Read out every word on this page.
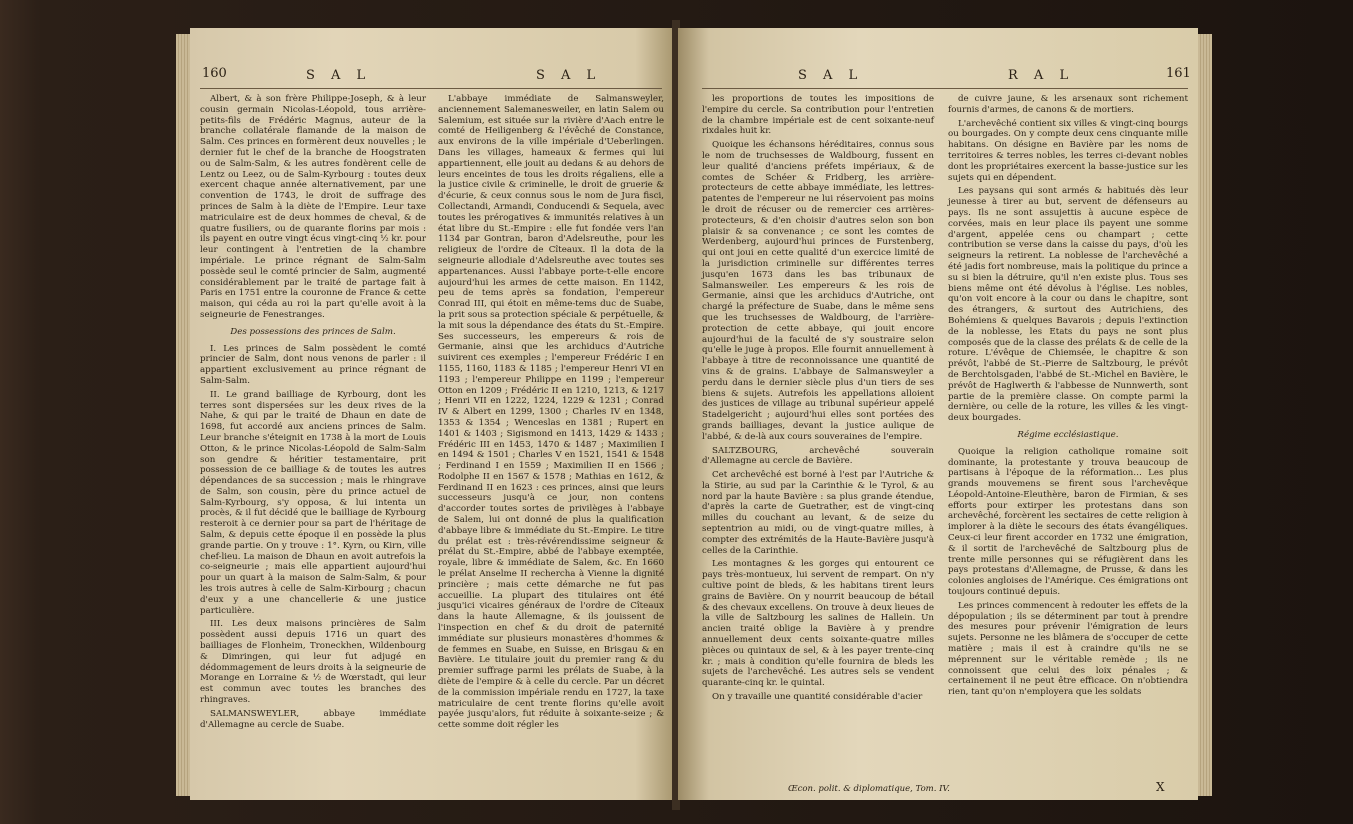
160	S A L	S A L

Albert, & à son frère Philippe-Joseph, & à leur cousin germain Nicolas-Léopold, tous arrière-petits-fils de Frédéric Magnus, auteur de la branche collatérale flamande de la maison de Salm. Ces princes en formèrent deux nouvelles ; le dernier fut le chef de la branche de Hoogstraten ou de Salm-Salm, & les autres fondèrent celle de Lentz ou Leez, ou de Salm-Kyrbourg : toutes deux exercent chaque année alternativement, par une convention de 1743, le droit de suffrage des princes de Salm à la diète de l'Empire. Leur taxe matriculaire est de deux hommes de cheval, & de quatre fusiliers, ou de quarante florins par mois : ils payent en outre vingt écus vingt-cinq ½ kr. pour leur contingent à l'entretien de la chambre impériale. Le prince régnant de Salm-Salm possède seul le comté princier de Salm, augmenté considérablement par le traité de partage fait à Paris en 1751 entre la couronne de France & cette maison, qui céda au roi la part qu'elle avoit à la seigneurie de Fenestranges.

Des possessions des princes de Salm.

I. Les princes de Salm possèdent le comté princier de Salm, dont nous venons de parler : il appartient exclusivement au prince régnant de Salm-Salm.

II. Le grand bailliage de Kyrbourg, dont les terres sont dispersées sur les deux rives de la Nahe, & qui par le traité de Dhaun en date de 1698, fut accordé aux anciens princes de Salm. Leur branche s'éteignit en 1738 à la mort de Louis Otton, & le prince Nicolas-Léopold de Salm-Salm son gendre & héritier testamentaire, prit possession de ce bailliage & de toutes les autres dépendances de sa succession ; mais le rhingrave de Salm, son cousin, père du prince actuel de Salm-Kyrbourg, s'y opposa, & lui intenta un procès, & il fut décidé que le bailliage de Kyrbourg resteroit à ce dernier pour sa part de l'héritage de Salm, & depuis cette époque il en possède la plus grande partie. On y trouve : 1°. Kyrn, ou Kirn, ville chef-lieu. La maison de Dhaun en avoit autrefois la co-seigneurie ; mais elle appartient aujourd'hui pour un quart à la maison de Salm-Salm, & pour les trois autres à celle de Salm-Kirbourg ; chacun d'eux y a une chancellerie & une justice particulière.

III. Les deux maisons princières de Salm possèdent aussi depuis 1716 un quart des bailliages de Flonheim, Troneckhen, Wildenbourg & Dimringen, qui leur fut adjugé en dédommagement de leurs droits à la seigneurie de Morange en Lorraine & ½ de Wœrstadt, qui leur est commun avec toutes les branches des rhingraves.

SALMANSWEYLER, abbaye immédiate d'Allemagne au cercle de Suabe.

L'abbaye immédiate de Salmansweyler, anciennement Salemanesweiler, en latin Salem ou Salemium, est située sur la rivière d'Aach entre le comté de Heiligenberg & l'évêché de Constance, aux environs de la ville impériale d'Ueberlingen. Dans les villages, hameaux & fermes qui lui appartiennent, elle jouit au dedans & au dehors de leurs enceintes de tous les droits régaliens, elle a la justice civile & criminelle, le droit de gruerie & d'écurie, & ceux connus sous le nom de Jura fisci, Collectandi, Armandi, Conducendi & Sequela, avec toutes les prérogatives & immunités relatives à un état libre du St.-Empire : elle fut fondée vers l'an 1134 par Gontran, baron d'Adelsreuthe, pour les religieux de l'ordre de Cîteaux. Il la dota de la seigneurie allodiale d'Adelsreuthe avec toutes ses appartenances. Aussi l'abbaye porte-t-elle encore aujourd'hui les armes de cette maison. En 1142, peu de tems après sa fondation, l'empereur Conrad III, qui étoit en même-tems duc de Suabe, la prit sous sa protection spéciale & perpétuelle, & la mit sous la dépendance des états du St.-Empire. Ses successeurs, les empereurs & rois de Germanie, ainsi que les archiducs d'Autriche suivirent ces exemples ; l'empereur Frédéric I en 1155, 1160, 1183 & 1185 ; l'empereur Henri VI en 1193 ; l'empereur Philippe en 1199 ; l'empereur Otton en 1209 ; Frédéric II en 1210, 1213, & 1217 ; Henri VII en 1222, 1224, 1229 & 1231 ; Conrad IV & Albert en 1299, 1300 ; Charles IV en 1348, 1353 & 1354 ; Wenceslas en 1381 ; Rupert en 1401 & 1403 ; Sigismond en 1413, 1429 & 1433 ; Frédéric III en 1453, 1470 & 1487 ; Maximilien I en 1494 & 1501 ; Charles V en 1521, 1541 & 1548 ; Ferdinand I en 1559 ; Maximilien II en 1566 ; Rodolphe II en 1567 & 1578 ; Mathias en 1612, & Ferdinand II en 1623 : ces princes, ainsi que leurs successeurs jusqu'à ce jour, non contens d'accorder toutes sortes de privilèges à l'abbaye de Salem, lui ont donné de plus la qualification d'abbaye libre & immédiate du St.-Empire. Le titre du prélat est : très-révérendissime seigneur & prélat du St.-Empire, abbé de l'abbaye exemptée, royale, libre & immédiate de Salem, &c. En 1660 le prélat Anselme II rechercha à Vienne la dignité princière ; mais cette démarche ne fut pas accueillie. La plupart des titulaires ont été jusqu'ici vicaires généraux de l'ordre de Cîteaux dans la haute Allemagne, & ils jouissent de l'inspection en chef & du droit de paternité immédiate sur plusieurs monastères d'hommes & de femmes en Suabe, en Suisse, en Brisgau & en Bavière. Le titulaire jouit du premier rang & du premier suffrage parmi les prélats de Suabe, à la diète de l'empire & à celle du cercle. Par un décret de la commission impériale rendu en 1727, la taxe matriculaire de cent trente florins qu'elle avoit payée jusqu'alors, fut réduite à soixante-seize ; & cette somme doit régler les

S A L	R A L	161

les proportions de toutes les impositions de l'empire du cercle. Sa contribution pour l'entretien de la chambre impériale est de cent soixante-neuf rixdales huit kr.

Quoique les échansons héréditaires, connus sous le nom de truchsesses de Waldbourg, fussent en leur qualité d'anciens préfets impériaux, & de comtes de Schéer & Fridberg, les arrière-protecteurs de cette abbaye immédiate, les lettres-patentes de l'empereur ne lui réservoient pas moins le droit de récuser ou de remercier ces arrières-protecteurs, & d'en choisir d'autres selon son bon plaisir & sa convenance ; ce sont les comtes de Werdenberg, aujourd'hui princes de Furstenberg, qui ont joui en cette qualité d'un exercice limité de la jurisdiction criminelle sur différentes terres jusqu'en 1673 dans les bas tribunaux de Salmansweiler. Les empereurs & les rois de Germanie, ainsi que les archiducs d'Autriche, ont chargé la préfecture de Suabe, dans le même sens que les truchsesses de Waldbourg, de l'arrière-protection de cette abbaye, qui jouit encore aujourd'hui de la faculté de s'y soustraire selon qu'elle le juge à propos. Elle fournit annuellement à l'abbaye à titre de reconnoissance une quantité de vins & de grains. L'abbaye de Salmansweyler a perdu dans le dernier siècle plus d'un tiers de ses biens & sujets. Autrefois les appellations alloient des justices de village au tribunal supérieur appelé Stadelgericht ; aujourd'hui elles sont portées des grands bailliages, devant la justice aulique de l'abbé, & de-là aux cours souveraines de l'empire.

SALTZBOURG, archevêché souverain d'Allemagne au cercle de Bavière.

Cet archevêché est borné à l'est par l'Autriche & la Stirie, au sud par la Carinthie & le Tyrol, & au nord par la haute Bavière : sa plus grande étendue, d'après la carte de Guetrather, est de vingt-cinq milles du couchant au levant, & de seize du septentrion au midi, ou de vingt-quatre milles, à compter des extrémités de la Haute-Bavière jusqu'à celles de la Carinthie.

Les montagnes & les gorges qui entourent ce pays très-montueux, lui servent de rempart. On n'y cultive point de bleds, & les habitans tirent leurs grains de Bavière. On y nourrit beaucoup de bétail & des chevaux excellens. On trouve à deux lieues de la ville de Saltzbourg les salines de Hallein. Un ancien traité oblige la Bavière à y prendre annuellement deux cents soixante-quatre milles pièces ou quintaux de sel, & à les payer trente-cinq kr. ; mais à condition qu'elle fournira de bleds les sujets de l'archevêché. Les autres sels se vendent quarante-cinq kr. le quintal.

On y travaille une quantité considérable d'acier

de cuivre jaune, & les arsenaux sont richement fournis d'armes, de canons & de mortiers.

L'archevêché contient six villes & vingt-cinq bourgs ou bourgades. On y compte deux cens cinquante mille habitans. On désigne en Bavière par les noms de territoires & terres nobles, les terres ci-devant nobles dont les propriétaires exercent la basse-justice sur les sujets qui en dépendent.

Les paysans qui sont armés & habitués dès leur jeunesse à tirer au but, servent de défenseurs au pays. Ils ne sont assujettis à aucune espèce de corvées, mais en leur place ils payent une somme d'argent, appelée cens ou champart ; cette contribution se verse dans la caisse du pays, d'où les seigneurs la retirent. La noblesse de l'archevêché a été jadis fort nombreuse, mais la politique du prince a su si bien la détruire, qu'il n'en existe plus. Tous ses biens même ont été dévolus à l'église. Les nobles, qu'on voit encore à la cour ou dans le chapitre, sont des étrangers, & surtout des Autrichiens, des Bohémiens & quelques Bavarois ; depuis l'extinction de la noblesse, les Etats du pays ne sont plus composés que de la classe des prélats & de celle de la roture. L'évêque de Chiemsée, le chapitre & son prévôt, l'abbé de St.-Pierre de Saltzbourg, le prévôt de Berchtolsgaden, l'abbé de St.-Michel en Bavière, le prévôt de Haglwerth & l'abbesse de Nunnwerth, sont partie de la première classe. On compte parmi la dernière, ou celle de la roture, les villes & les vingt-deux bourgades.

Régime ecclésiastique.

Quoique la religion catholique romaine soit dominante, la protestante y trouva beaucoup de partisans à l'époque de la réformation… Les plus grands mouvemens se firent sous l'archevêque Léopold-Antoine-Eleuthère, baron de Firmian, & ses efforts pour extirper les protestans dans son archevêché, forcèrent les sectaires de cette religion à implorer à la diète le secours des états évangéliques. Ceux-ci leur firent accorder en 1732 une émigration, & il sortit de l'archevêché de Saltzbourg plus de trente mille personnes qui se réfugièrent dans les pays protestans d'Allemagne, de Prusse, & dans les colonies angloises de l'Amérique. Ces émigrations ont toujours continué depuis.

Les princes commencent à redouter les effets de la dépopulation ; ils se déterminent par tout à prendre des mesures pour prévenir l'émigration de leurs sujets. Personne ne les blâmera de s'occuper de cette matière ; mais il est à craindre qu'ils ne se méprennent sur le véritable remède ; ils ne connoissent que celui des loix pénales ; & certainement il ne peut être efficace. On n'obtiendra rien, tant qu'on n'employera que les soldats

Œcon. polit. & diplomatique, Tom. IV.	X
